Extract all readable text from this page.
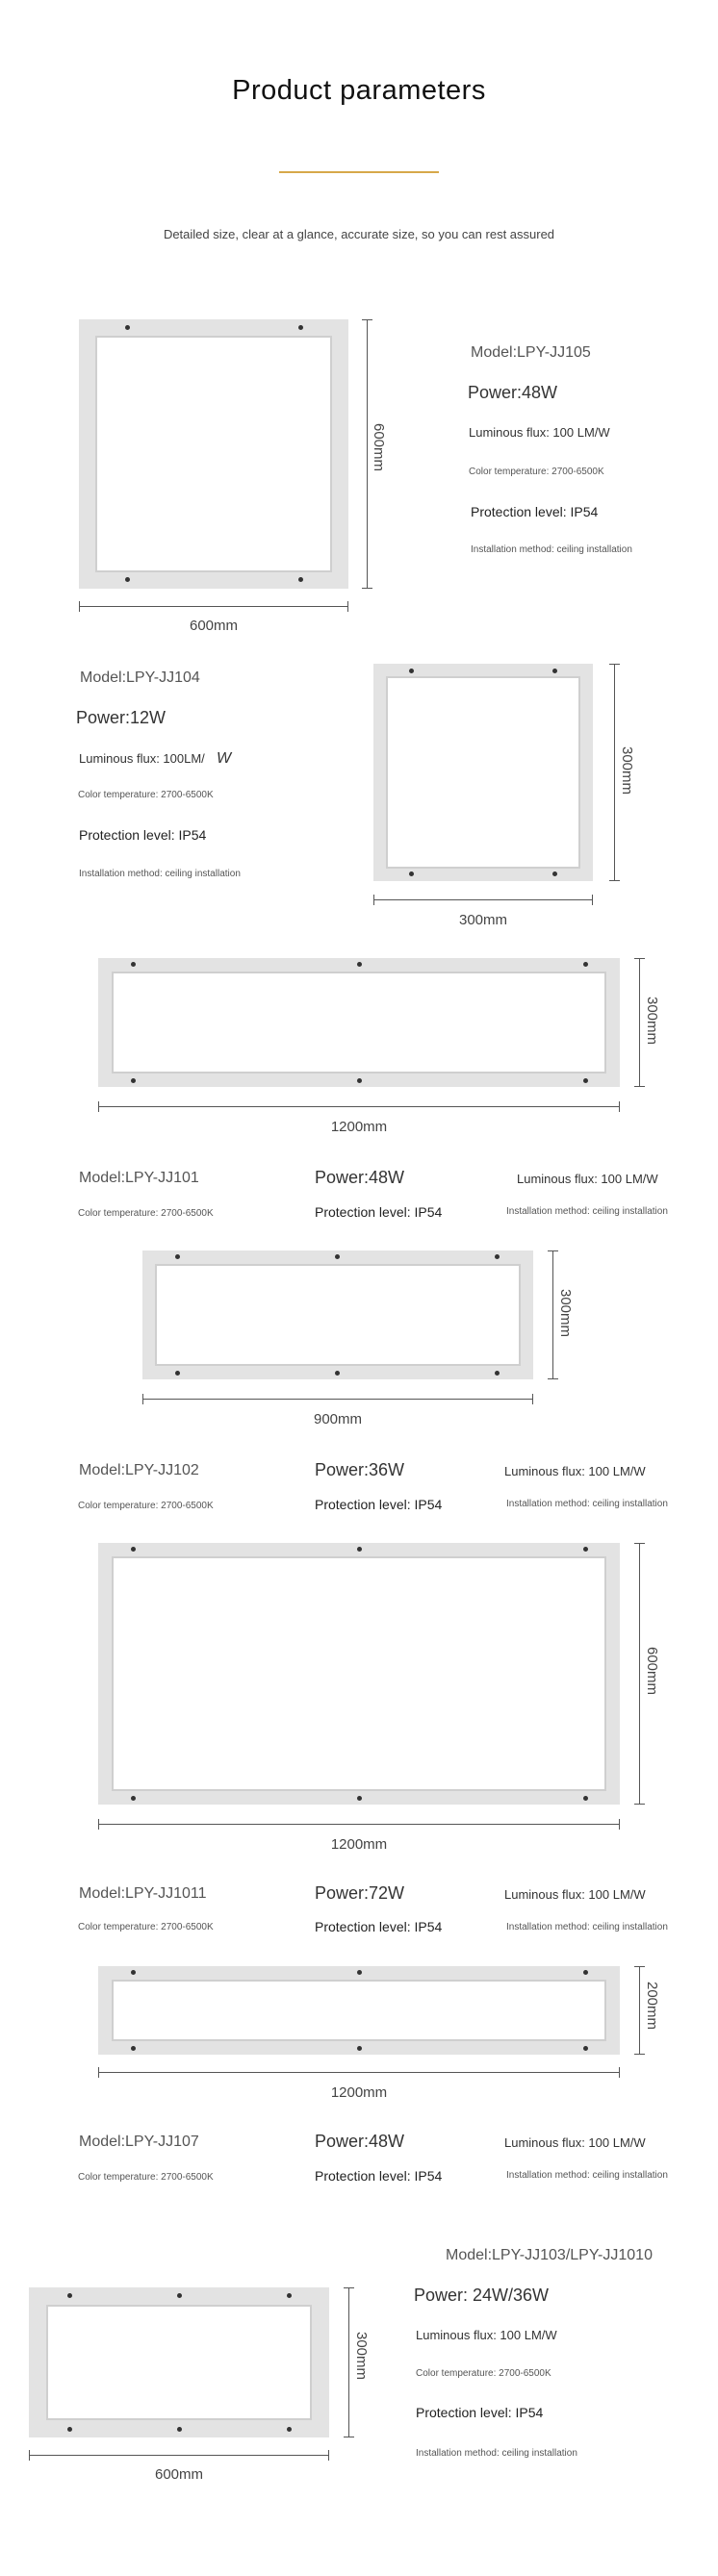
Product parameters
Detailed size, clear at a glance, accurate size, so you can rest assured
600mm
600mm
Model:LPY-JJ105
Power:48W
Luminous flux: 100 LM/W
Color temperature: 2700-6500K
Protection level: IP54
Installation method: ceiling installation
Model:LPY-JJ104
Power:12W
Luminous flux: 100LM/ W
Color temperature: 2700-6500K
Protection level: IP54
Installation method: ceiling installation
300mm
300mm
300mm
1200mm
Model:LPY-JJ101	Power:48W	Luminous flux: 100 LM/W
Color temperature: 2700-6500K	Protection level: IP54	Installation method: ceiling installation
300mm
900mm
Model:LPY-JJ102	Power:36W	Luminous flux: 100 LM/W
Color temperature: 2700-6500K	Protection level: IP54	Installation method: ceiling installation
600mm
1200mm
Model:LPY-JJ1011	Power:72W	Luminous flux: 100 LM/W
Color temperature: 2700-6500K	Protection level: IP54	Installation method: ceiling installation
200mm
1200mm
Model:LPY-JJ107	Power:48W	Luminous flux: 100 LM/W
Color temperature: 2700-6500K	Protection level: IP54	Installation method: ceiling installation
Model:LPY-JJ103/LPY-JJ1010
300mm
600mm
Power: 24W/36W
Luminous flux: 100 LM/W
Color temperature: 2700-6500K
Protection level: IP54
Installation method: ceiling installation
